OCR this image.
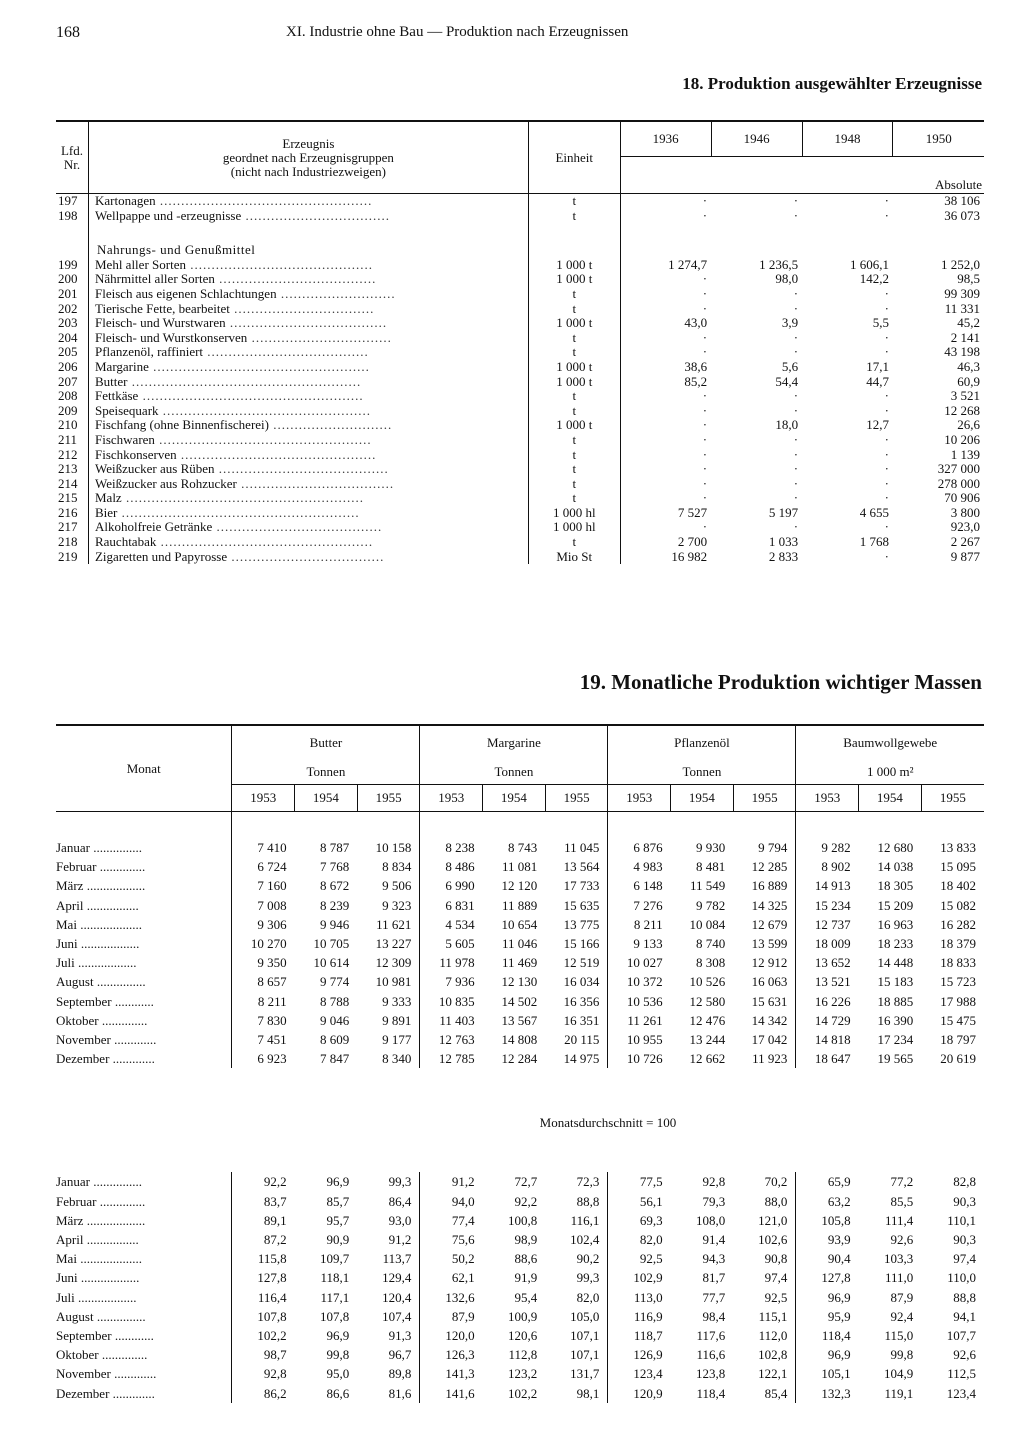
168	XI. Industrie ohne Bau — Produktion nach Erzeugnissen
18. Produktion ausgewählter Erzeugnisse
Lfd. Nr.	Erzeugnis
geordnet nach Erzeugnisgruppen
(nicht nach Industriezweigen)	Einheit	1936	1946	1948	1950
			Absolute			
197	Kartonagen ..................................................	t	·	·	·	38 106
198	Wellpappe und -erzeugnisse ..................................	t	·	·	·	36 073

	Nahrungs- und Genußmittel					
199	Mehl aller Sorten ...........................................	1 000 t	1 274,7	1 236,5	1 606,1	1 252,0
200	Nährmittel aller Sorten .....................................	1 000 t	·	98,0	142,2	98,5
201	Fleisch aus eigenen Schlachtungen ...........................	t	·	·	·	99 309
202	Tierische Fette, bearbeitet .................................	t	·	·	·	11 331
203	Fleisch- und Wurstwaren .....................................	1 000 t	43,0	3,9	5,5	45,2
204	Fleisch- und Wurstkonserven .................................	t	·	·	·	2 141
205	Pflanzenöl, raffiniert ......................................	t	·	·	·	43 198
206	Margarine ...................................................	1 000 t	38,6	5,6	17,1	46,3
207	Butter ......................................................	1 000 t	85,2	54,4	44,7	60,9
208	Fettkäse ....................................................	t	·	·	·	3 521
209	Speisequark .................................................	t	·	·	·	12 268
210	Fischfang (ohne Binnenfischerei) ............................	1 000 t	·	18,0	12,7	26,6
211	Fischwaren ..................................................	t	·	·	·	10 206
212	Fischkonserven ..............................................	t	·	·	·	1 139
213	Weißzucker aus Rüben ........................................	t	·	·	·	327 000
214	Weißzucker aus Rohzucker ....................................	t	·	·	·	278 000
215	Malz ........................................................	t	·	·	·	70 906
216	Bier ........................................................	1 000 hl	7 527	5 197	4 655	3 800
217	Alkoholfreie Getränke .......................................	1 000 hl	·	·	·	923,0
218	Rauchtabak ..................................................	t	2 700	1 033	1 768	2 267
219	Zigaretten und Papyrosse ....................................	Mio St	16 982	2 833	·	9 877
19. Monatliche Produktion wichtiger Massen
Monat	Butter			Margarine			Pflanzenöl			Baumwollgewebe		
	Tonnen			Tonnen			Tonnen			1 000 m²		
	1953	1954	1955	1953	1954	1955	1953	1954	1955	1953	1954	1955

Januar ...............	7 410	8 787	10 158	8 238	8 743	11 045	6 876	9 930	9 794	9 282	12 680	13 833
Februar ..............	6 724	7 768	8 834	8 486	11 081	13 564	4 983	8 481	12 285	8 902	14 038	15 095
März ..................	7 160	8 672	9 506	6 990	12 120	17 733	6 148	11 549	16 889	14 913	18 305	18 402
April ................	7 008	8 239	9 323	6 831	11 889	15 635	7 276	9 782	14 325	15 234	15 209	15 082
Mai ...................	9 306	9 946	11 621	4 534	10 654	13 775	8 211	10 084	12 679	12 737	16 963	16 282
Juni ..................	10 270	10 705	13 227	5 605	11 046	15 166	9 133	8 740	13 599	18 009	18 233	18 379
Juli ..................	9 350	10 614	12 309	11 978	11 469	12 519	10 027	8 308	12 912	13 652	14 448	18 833
August ...............	8 657	9 774	10 981	7 936	12 130	16 034	10 372	10 526	16 063	13 521	15 183	15 723
September ............	8 211	8 788	9 333	10 835	14 502	16 356	10 536	12 580	15 631	16 226	18 885	17 988
Oktober ..............	7 830	9 046	9 891	11 403	13 567	16 351	11 261	12 476	14 342	14 729	16 390	15 475
November .............	7 451	8 609	9 177	12 763	14 808	20 115	10 955	13 244	17 042	14 818	17 234	18 797
Dezember .............	6 923	7 847	8 340	12 785	12 284	14 975	10 726	12 662	11 923	18 647	19 565	20 619

	Monatsdurchschnitt = 100											

Januar ...............	92,2	96,9	99,3	91,2	72,7	72,3	77,5	92,8	70,2	65,9	77,2	82,8
Februar ..............	83,7	85,7	86,4	94,0	92,2	88,8	56,1	79,3	88,0	63,2	85,5	90,3
März ..................	89,1	95,7	93,0	77,4	100,8	116,1	69,3	108,0	121,0	105,8	111,4	110,1
April ................	87,2	90,9	91,2	75,6	98,9	102,4	82,0	91,4	102,6	93,9	92,6	90,3
Mai ...................	115,8	109,7	113,7	50,2	88,6	90,2	92,5	94,3	90,8	90,4	103,3	97,4
Juni ..................	127,8	118,1	129,4	62,1	91,9	99,3	102,9	81,7	97,4	127,8	111,0	110,0
Juli ..................	116,4	117,1	120,4	132,6	95,4	82,0	113,0	77,7	92,5	96,9	87,9	88,8
August ...............	107,8	107,8	107,4	87,9	100,9	105,0	116,9	98,4	115,1	95,9	92,4	94,1
September ............	102,2	96,9	91,3	120,0	120,6	107,1	118,7	117,6	112,0	118,4	115,0	107,7
Oktober ..............	98,7	99,8	96,7	126,3	112,8	107,1	126,9	116,6	102,8	96,9	99,8	92,6
November .............	92,8	95,0	89,8	141,3	123,2	131,7	123,4	123,8	122,1	105,1	104,9	112,5
Dezember .............	86,2	86,6	81,6	141,6	102,2	98,1	120,9	118,4	85,4	132,3	119,1	123,4
